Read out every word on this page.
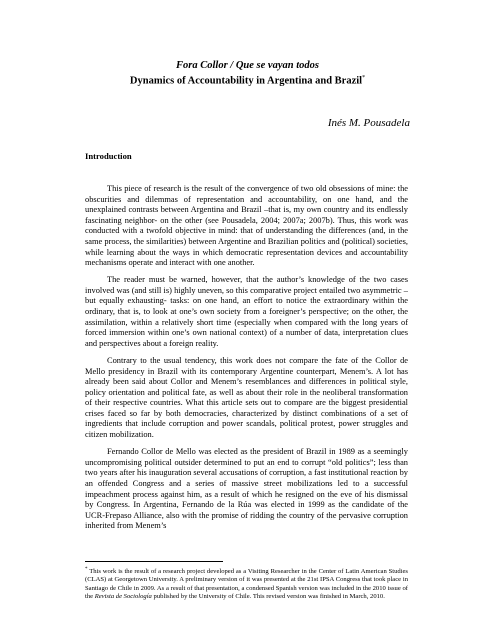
Fora Collor / Que se vayan todos
Dynamics of Accountability in Argentina and Brazil*
Inés M. Pousadela
Introduction

This piece of research is the result of the convergence of two old obsessions of mine: the obscurities and dilemmas of representation and accountability, on one hand, and the unexplained contrasts between Argentina and Brazil –that is, my own country and its endlessly fascinating neighbor- on the other (see Pousadela, 2004; 2007a; 2007b). Thus, this work was conducted with a twofold objective in mind: that of understanding the differences (and, in the same process, the similarities) between Argentine and Brazilian politics and (political) societies, while learning about the ways in which democratic representation devices and accountability mechanisms operate and interact with one another.

The reader must be warned, however, that the author’s knowledge of the two cases involved was (and still is) highly uneven, so this comparative project entailed two asymmetric –but equally exhausting- tasks: on one hand, an effort to notice the extraordinary within the ordinary, that is, to look at one’s own society from a foreigner’s perspective; on the other, the assimilation, within a relatively short time (especially when compared with the long years of forced immersion within one’s own national context) of a number of data, interpretation clues and perspectives about a foreign reality.

Contrary to the usual tendency, this work does not compare the fate of the Collor de Mello presidency in Brazil with its contemporary Argentine counterpart, Menem’s. A lot has already been said about Collor and Menem’s resemblances and differences in political style, policy orientation and political fate, as well as about their role in the neoliberal transformation of their respective countries. What this article sets out to compare are the biggest presidential crises faced so far by both democracies, characterized by distinct combinations of a set of ingredients that include corruption and power scandals, political protest, power struggles and citizen mobilization.

Fernando Collor de Mello was elected as the president of Brazil in 1989 as a seemingly uncompromising political outsider determined to put an end to corrupt “old politics”; less than two years after his inauguration several accusations of corruption, a fast institutional reaction by an offended Congress and a series of massive street mobilizations led to a successful impeachment process against him, as a result of which he resigned on the eve of his dismissal by Congress. In Argentina, Fernando de la Rúa was elected in 1999 as the candidate of the UCR-Frepaso Alliance, also with the promise of ridding the country of the pervasive corruption inherited from Menem’s

* This work is the result of a research project developed as a Visiting Researcher in the Center of Latin American Studies (CLAS) at Georgetown University. A preliminary version of it was presented at the 21st IPSA Congress that took place in Santiago de Chile in 2009. As a result of that presentation, a condensed Spanish version was included in the 2010 issue of the Revista de Sociología published by the University of Chile. This revised version was finished in March, 2010.
